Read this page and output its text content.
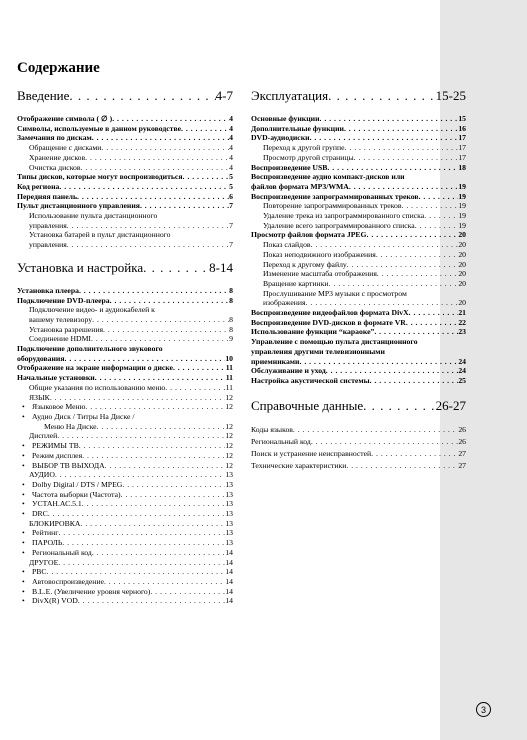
Содержание
Введение . . .	4-7
Отображение символа ( ∅ ) . . .	4
Символы, используемые в данном руководстве . . .	4
Замечания по дискам . . .	4
Обращение с дисками . . .	4
Хранение дисков . . .	4
Очистка дисков . . .	4
Типы дисков, которые могут воспроизводиться . . .	5
Код региона . . .	5
Передняя панель . . .	6
Пульт дистанционного управления . . .	7
Использование пульта дистанционного
управления . . .	7
Установка батарей в пульт дистанционного
управления . . .	7
Установка и настройка . . .	8-14
Установка плеера . . .	8
Подключение DVD-плеера . . .	8
Подключение видео- и аудиокабелей к
вашему телевизору . . .	8
Установка разрешения . . .	8
Соединение HDMI . . .	9
Подключение дополнительного звукового
оборудования . . .	10
Отображение на экране информации о диске . . .	11
Начальные установки . . .	11
Общие указания по использованию меню . . .	11
ЯЗЫК . . .	12
• Языковое Меню . . .	12
• Аудио Диск / Титры На Диске /
Меню На Диске . . .	12
Дисплей . . .	12
• РЕЖИМЫ ТВ . . .	12
• Режим дисплея . . .	12
• ВЫБОР ТВ ВЫХОДА . . .	12
АУДИО . . .	13
• Dolby Digital / DTS / MPEG . . .	13
• Частота выборки (Частота) . . .	13
• УСТАН.АС.5.1 . . .	13
• DRC . . .	13
БЛОКИРОВКА . . .	13
• Рейтинг . . .	13
• ПАРОЛЬ . . .	13
• Региональный код . . .	14
ДРУГОЕ . . .	14
• PBC . . .	14
• Автовоспроизведение . . .	14
• B.L.E. (Увеличение уровня черного) . . .	14
• DivX(R) VOD . . .	14
Эксплуатация . . .	15-25
Основные функции . . .	15
Дополнительные функции . . .	16
DVD-аудиодиски . . .	17
Переход к другой группе . . .	17
Просмотр другой страницы . . .	17
Воспроизведение USB . . .	18
Воспроизведение аудио компакт-дисков или
файлов формата MP3/WMA . . .	19
Воспроизведение запрограммированных треков . . .	19
Повторение запрограммированных треков . . .	19
Удаление трека из запрограммированного списка . . .	19
Удаление всего запрограммированного списка . . .	19
Просмотр файлов формата JPEG . . .	20
Показ слайдов . . .	20
Показ неподвижного изображения . . .	20
Переход к другому файлу . . .	20
Изменение масштаба отображения . . .	20
Вращение картинки . . .	20
Прослушивание MP3 музыки с просмотром
изображения . . .	20
Воспроизведение видеофайлов формата DivX . . .	21
Воспроизведение DVD-дисков в формате VR . . .	22
Использование функции “караоке” . . .	23
Управление с помощью пульта дистанционного
управления другими телевизионными
приемниками . . .	24
Обслуживание и уход . . .	24
Настройка акустической системы . . .	25
Справочные данные . . .	26-27
Коды языков . . .	26
Региональный код . . .	26
Поиск и устранение неисправностей . . .	27
Технические характеристики . . .	27
3
